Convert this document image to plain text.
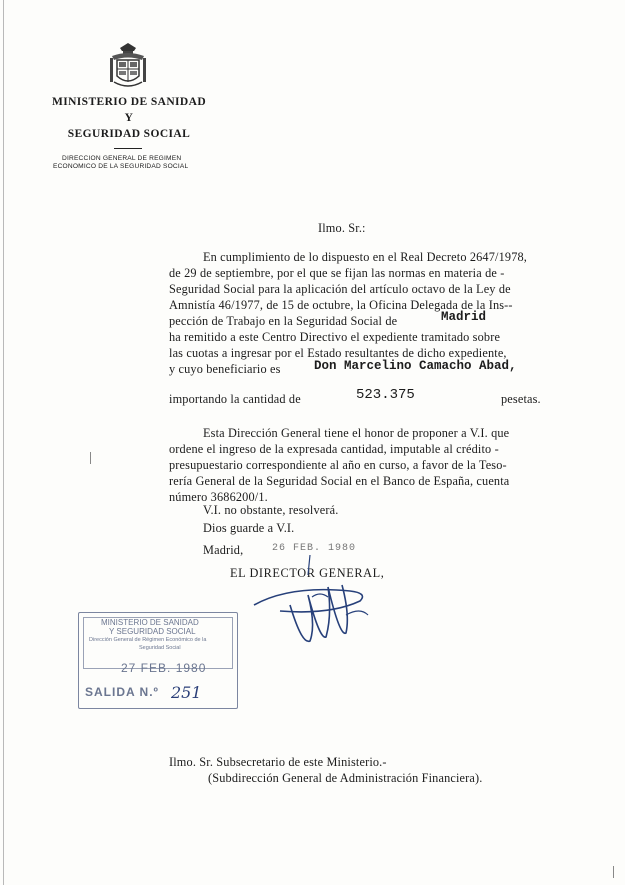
MINISTERIO DE SANIDAD
Y
SEGURIDAD SOCIAL
DIRECCION GENERAL DE REGIMEN
ECONOMICO DE LA SEGURIDAD SOCIAL
Ilmo. Sr.:
En cumplimiento de lo dispuesto en el Real Decreto 2647/1978,
de 29 de septiembre, por el que se fijan las normas en materia de -
Seguridad Social para la aplicación del artículo octavo de la Ley de
Amnistía 46/1977, de 15 de octubre, la Oficina Delegada de la Ins--
pección de Trabajo en la Seguridad Social de	Madrid
ha remitido a este Centro Directivo el expediente tramitado sobre
las cuotas a ingresar por el Estado resultantes de dicho expediente,
y cuyo beneficiario es	Don Marcelino Camacho Abad,
importando la cantidad de	523.375	pesetas.
Esta Dirección General tiene el honor de proponer a V.I. que
ordene el ingreso de la expresada cantidad, imputable al crédito -
presupuestario correspondiente al año en curso, a favor de la Teso-
rería General de la Seguridad Social en el Banco de España, cuenta
número 3686200/1.
V.I. no obstante, resolverá.
Dios guarde a V.I.
Madrid,	26 FEB. 1980
EL DIRECTOR GENERAL,
MINISTERIO DE SANIDAD
Y SEGURIDAD SOCIAL
Dirección General de Régimen Económico de la
Seguridad Social
27 FEB. 1980
SALIDA N.º 251
Ilmo. Sr. Subsecretario de este Ministerio.-
(Subdirección General de Administración Financiera).
